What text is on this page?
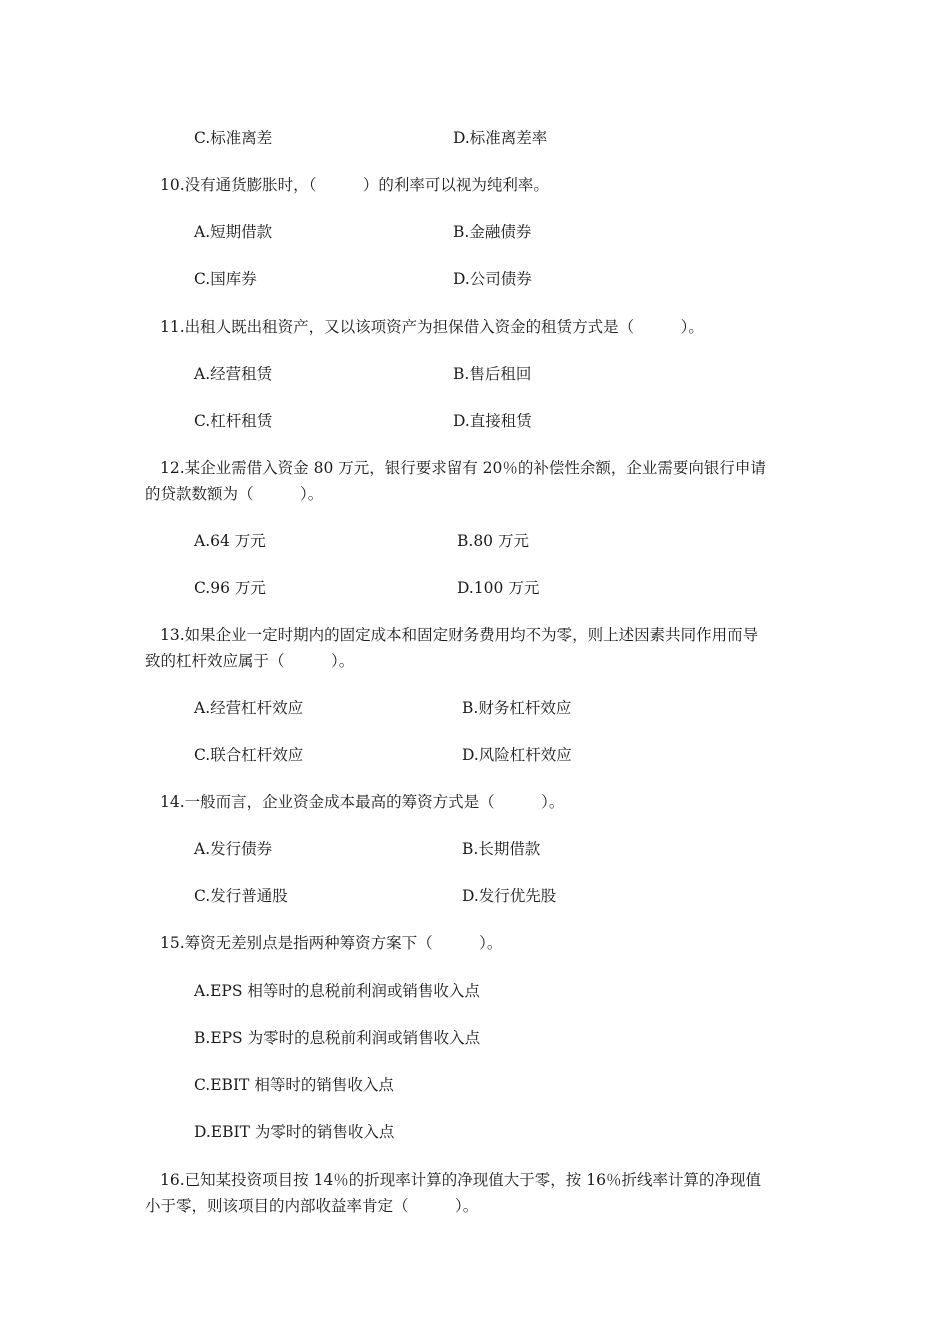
C.标准离差	D.标准离差率
10.没有通货膨胀时，（　　　）的利率可以视为纯利率。
A.短期借款	B.金融债券
C.国库券	D.公司债券
11.出租人既出租资产，又以该项资产为担保借入资金的租赁方式是（　　　）。
A.经营租赁	B.售后租回
C.杠杆租赁	D.直接租赁
12.某企业需借入资金 80 万元，银行要求留有 20％的补偿性余额，企业需要向银行申请
的贷款数额为（　　　）。
A.64 万元	B.80 万元
C.96 万元	D.100 万元
13.如果企业一定时期内的固定成本和固定财务费用均不为零，则上述因素共同作用而导
致的杠杆效应属于（　　　）。
A.经营杠杆效应	B.财务杠杆效应
C.联合杠杆效应	D.风险杠杆效应
14.一般而言，企业资金成本最高的筹资方式是（　　　）。
A.发行债券	B.长期借款
C.发行普通股	D.发行优先股
15.筹资无差别点是指两种筹资方案下（　　　）。
A.EPS 相等时的息税前利润或销售收入点
B.EPS 为零时的息税前利润或销售收入点
C.EBIT 相等时的销售收入点
D.EBIT 为零时的销售收入点
16.已知某投资项目按 14％的折现率计算的净现值大于零，按 16％折线率计算的净现值
小于零，则该项目的内部收益率肯定（　　　）。
